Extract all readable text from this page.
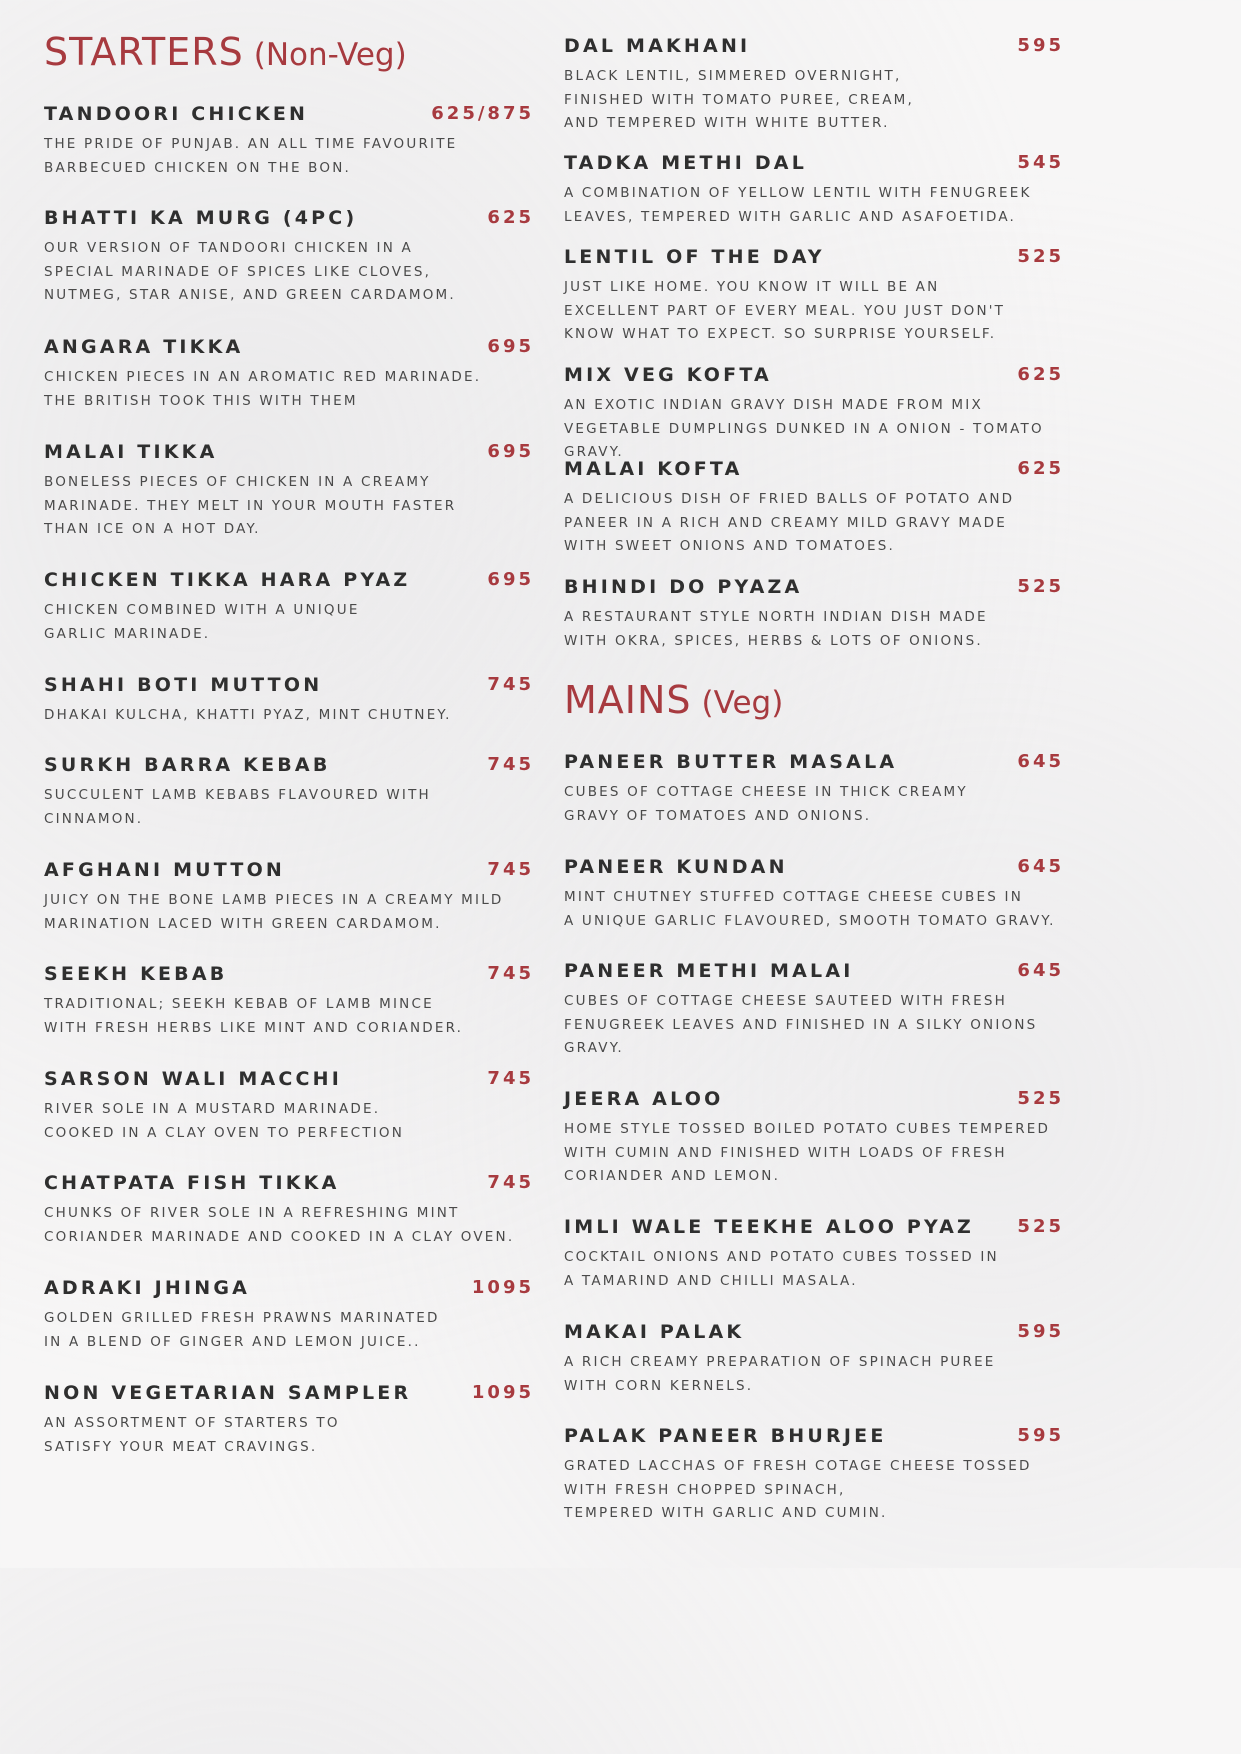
STARTERS (Non-Veg)
TANDOORI CHICKEN	625/875
THE PRIDE OF PUNJAB. AN ALL TIME FAVOURITE
BARBECUED CHICKEN ON THE BON.
BHATTI KA MURG (4PC)	625
OUR VERSION OF TANDOORI CHICKEN IN A
SPECIAL MARINADE OF SPICES LIKE CLOVES,
NUTMEG, STAR ANISE, AND GREEN CARDAMOM.
ANGARA TIKKA	695
CHICKEN PIECES IN AN AROMATIC RED MARINADE.
THE BRITISH TOOK THIS WITH THEM
MALAI TIKKA	695
BONELESS PIECES OF CHICKEN IN A CREAMY
MARINADE. THEY MELT IN YOUR MOUTH FASTER
THAN ICE ON A HOT DAY.
CHICKEN TIKKA HARA PYAZ	695
CHICKEN COMBINED WITH A UNIQUE
GARLIC MARINADE.
SHAHI BOTI MUTTON	745
DHAKAI KULCHA, KHATTI PYAZ, MINT CHUTNEY.
SURKH BARRA KEBAB	745
SUCCULENT LAMB KEBABS FLAVOURED WITH
CINNAMON.
AFGHANI MUTTON	745
JUICY ON THE BONE LAMB PIECES IN A CREAMY MILD
MARINATION LACED WITH GREEN CARDAMOM.
SEEKH KEBAB	745
TRADITIONAL; SEEKH KEBAB OF LAMB MINCE
WITH FRESH HERBS LIKE MINT AND CORIANDER.
SARSON WALI MACCHI	745
RIVER SOLE IN A MUSTARD MARINADE.
COOKED IN A CLAY OVEN TO PERFECTION
CHATPATA FISH TIKKA	745
CHUNKS OF RIVER SOLE IN A REFRESHING MINT
CORIANDER MARINADE AND COOKED IN A CLAY OVEN.
ADRAKI JHINGA	1095
GOLDEN GRILLED FRESH PRAWNS MARINATED
IN A BLEND OF GINGER AND LEMON JUICE..
NON VEGETARIAN SAMPLER	1095
AN ASSORTMENT OF STARTERS TO
SATISFY YOUR MEAT CRAVINGS.
DAL MAKHANI	595
BLACK LENTIL, SIMMERED OVERNIGHT,
FINISHED WITH TOMATO PUREE, CREAM,
AND TEMPERED WITH WHITE BUTTER.
TADKA METHI DAL	545
A COMBINATION OF YELLOW LENTIL WITH FENUGREEK
LEAVES, TEMPERED WITH GARLIC AND ASAFOETIDA.
LENTIL OF THE DAY	525
JUST LIKE HOME. YOU KNOW IT WILL BE AN
EXCELLENT PART OF EVERY MEAL. YOU JUST DON'T
KNOW WHAT TO EXPECT. SO SURPRISE YOURSELF.
MIX VEG KOFTA	625
AN EXOTIC INDIAN GRAVY DISH MADE FROM MIX
VEGETABLE DUMPLINGS DUNKED IN A ONION - TOMATO GRAVY.
MALAI KOFTA	625
A DELICIOUS DISH OF FRIED BALLS OF POTATO AND
PANEER IN A RICH AND CREAMY MILD GRAVY MADE
WITH SWEET ONIONS AND TOMATOES.
BHINDI DO PYAZA	525
A RESTAURANT STYLE NORTH INDIAN DISH MADE
WITH OKRA, SPICES, HERBS & LOTS OF ONIONS.
MAINS (Veg)
PANEER BUTTER MASALA	645
CUBES OF COTTAGE CHEESE IN THICK CREAMY
GRAVY OF TOMATOES AND ONIONS.
PANEER KUNDAN	645
MINT CHUTNEY STUFFED COTTAGE CHEESE CUBES IN
A UNIQUE GARLIC FLAVOURED, SMOOTH TOMATO GRAVY.
PANEER METHI MALAI	645
CUBES OF COTTAGE CHEESE SAUTEED WITH FRESH
FENUGREEK LEAVES AND FINISHED IN A SILKY ONIONS GRAVY.
JEERA ALOO	525
HOME STYLE TOSSED BOILED POTATO CUBES TEMPERED
WITH CUMIN AND FINISHED WITH LOADS OF FRESH
CORIANDER AND LEMON.
IMLI WALE TEEKHE ALOO PYAZ	525
COCKTAIL ONIONS AND POTATO CUBES TOSSED IN
A TAMARIND AND CHILLI MASALA.
MAKAI PALAK	595
A RICH CREAMY PREPARATION OF SPINACH PUREE
WITH CORN KERNELS.
PALAK PANEER BHURJEE	595
GRATED LACCHAS OF FRESH COTAGE CHEESE TOSSED
WITH FRESH CHOPPED SPINACH,
TEMPERED WITH GARLIC AND CUMIN.
